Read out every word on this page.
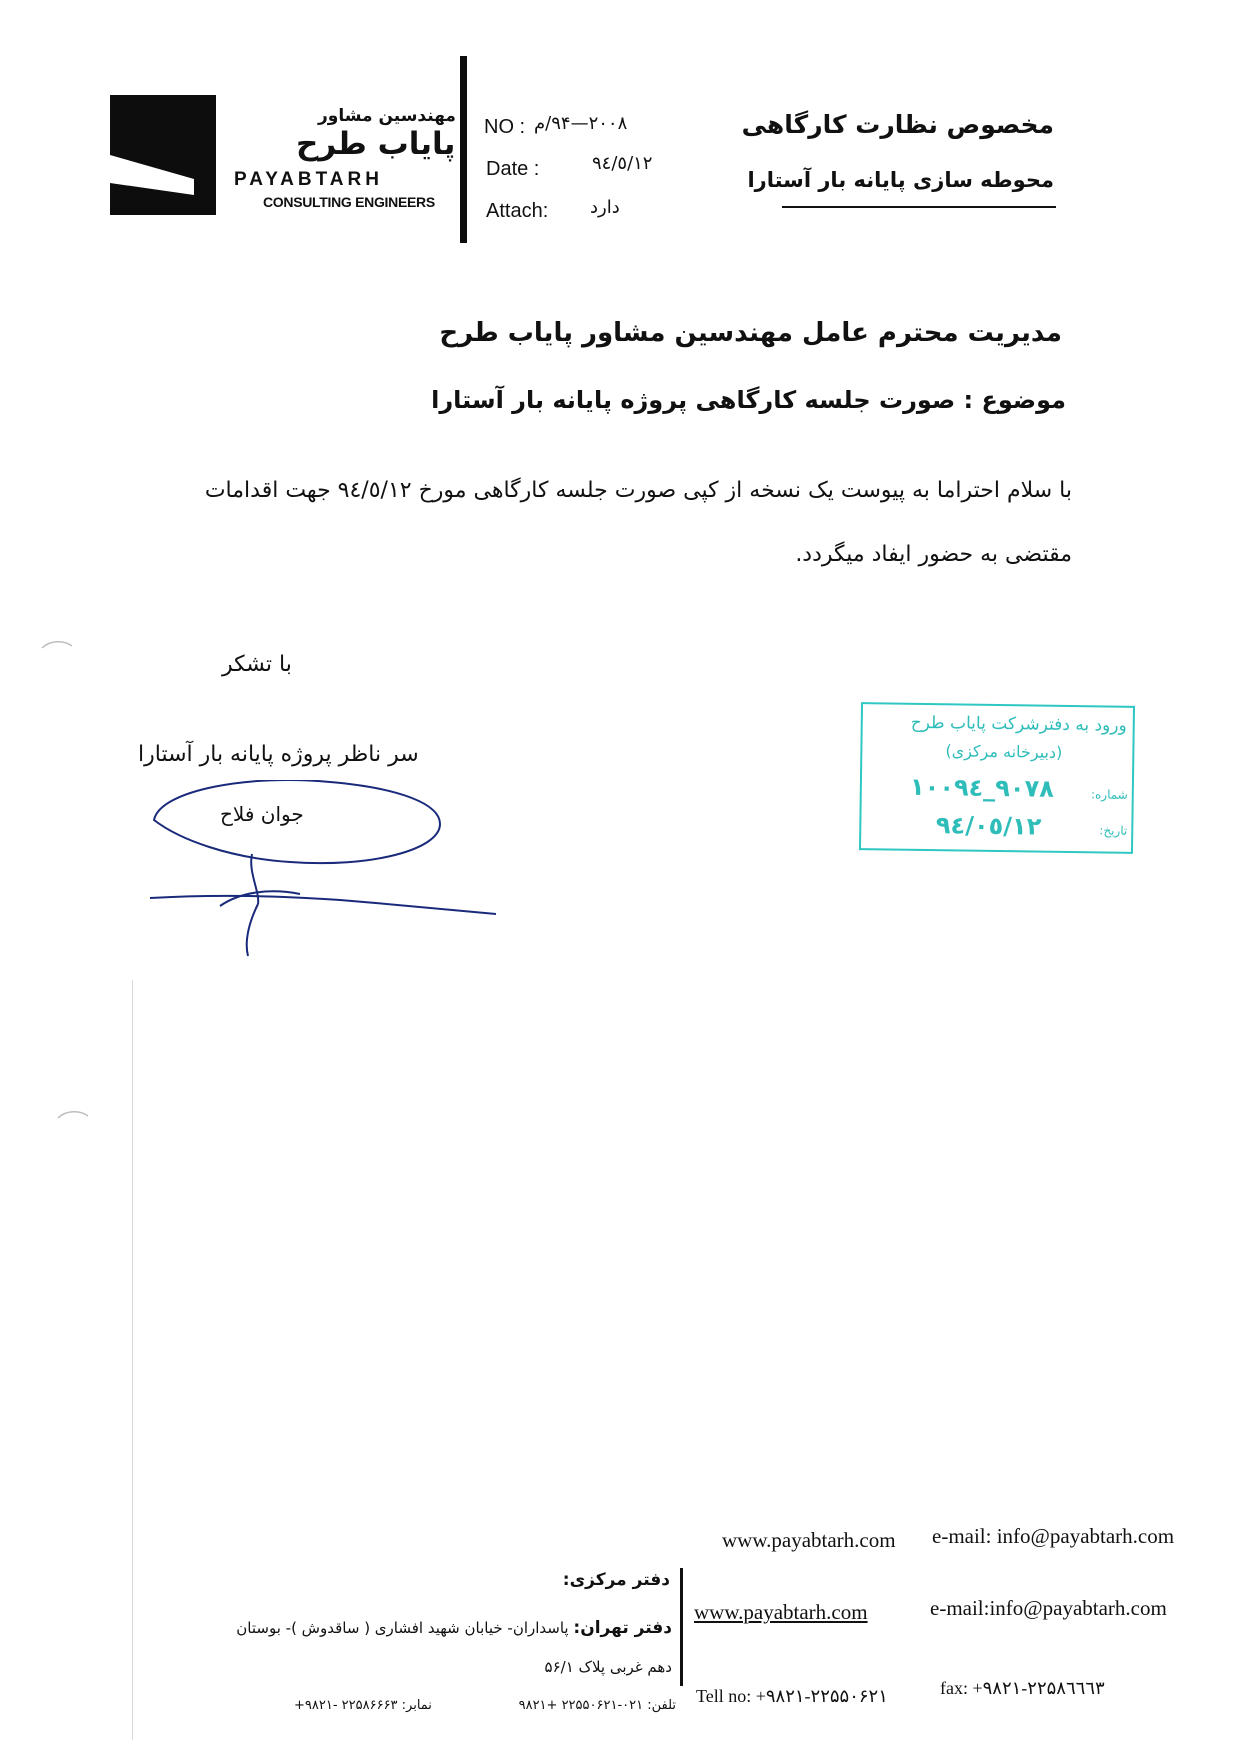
مهندسین مشاور
پایاب طرح
PAYABTARH
CONSULTING ENGINEERS
NO : ۲۰۰۸—۹۴/م
Date :	۹٤/٥/۱۲
Attach: دارد
مخصوص نظارت کارگاهی
محوطه سازی پایانه بار آستارا
مدیریت محترم عامل مهندسین مشاور پایاب طرح
موضوع : صورت جلسه کارگاهی پروژه پایانه بار آستارا
با سلام احتراما به پیوست یک نسخه از کپی صورت جلسه کارگاهی مورخ ۹٤/٥/۱۲ جهت اقدامات
مقتضی به حضور ایفاد میگردد.
با تشکر
سر ناظر پروژه پایانه بار آستارا
جوان فلاح
ورود به دفترشرکت پایاب طرح
(دبیرخانه مرکزی)
شماره:
۱۰۰۹٤_۹۰۷۸
تاریخ:
۹٤/۰٥/۱۲
www.payabtarh.com e-mail: info@payabtarh.com
دفتر مرکزی:
دفتر تهران: پاسداران- خیابان شهید افشاری ( ساقدوش )- بوستان
دهم غربی پلاک ۵۶/۱
تلفن: ۰۲۱-۲۲۵۵۰۶۲۱ +۹۸۲۱
نمابر: ۲۲۵۸۶۶۶۳ -۹۸۲۱+
www.payabtarh.com	e-mail:info@payabtarh.com
Tell no: +۹۸۲۱-۲۲۵۵۰۶۲۱	fax: +۹۸۲۱-۲۲۵۸٦٦٦۳
